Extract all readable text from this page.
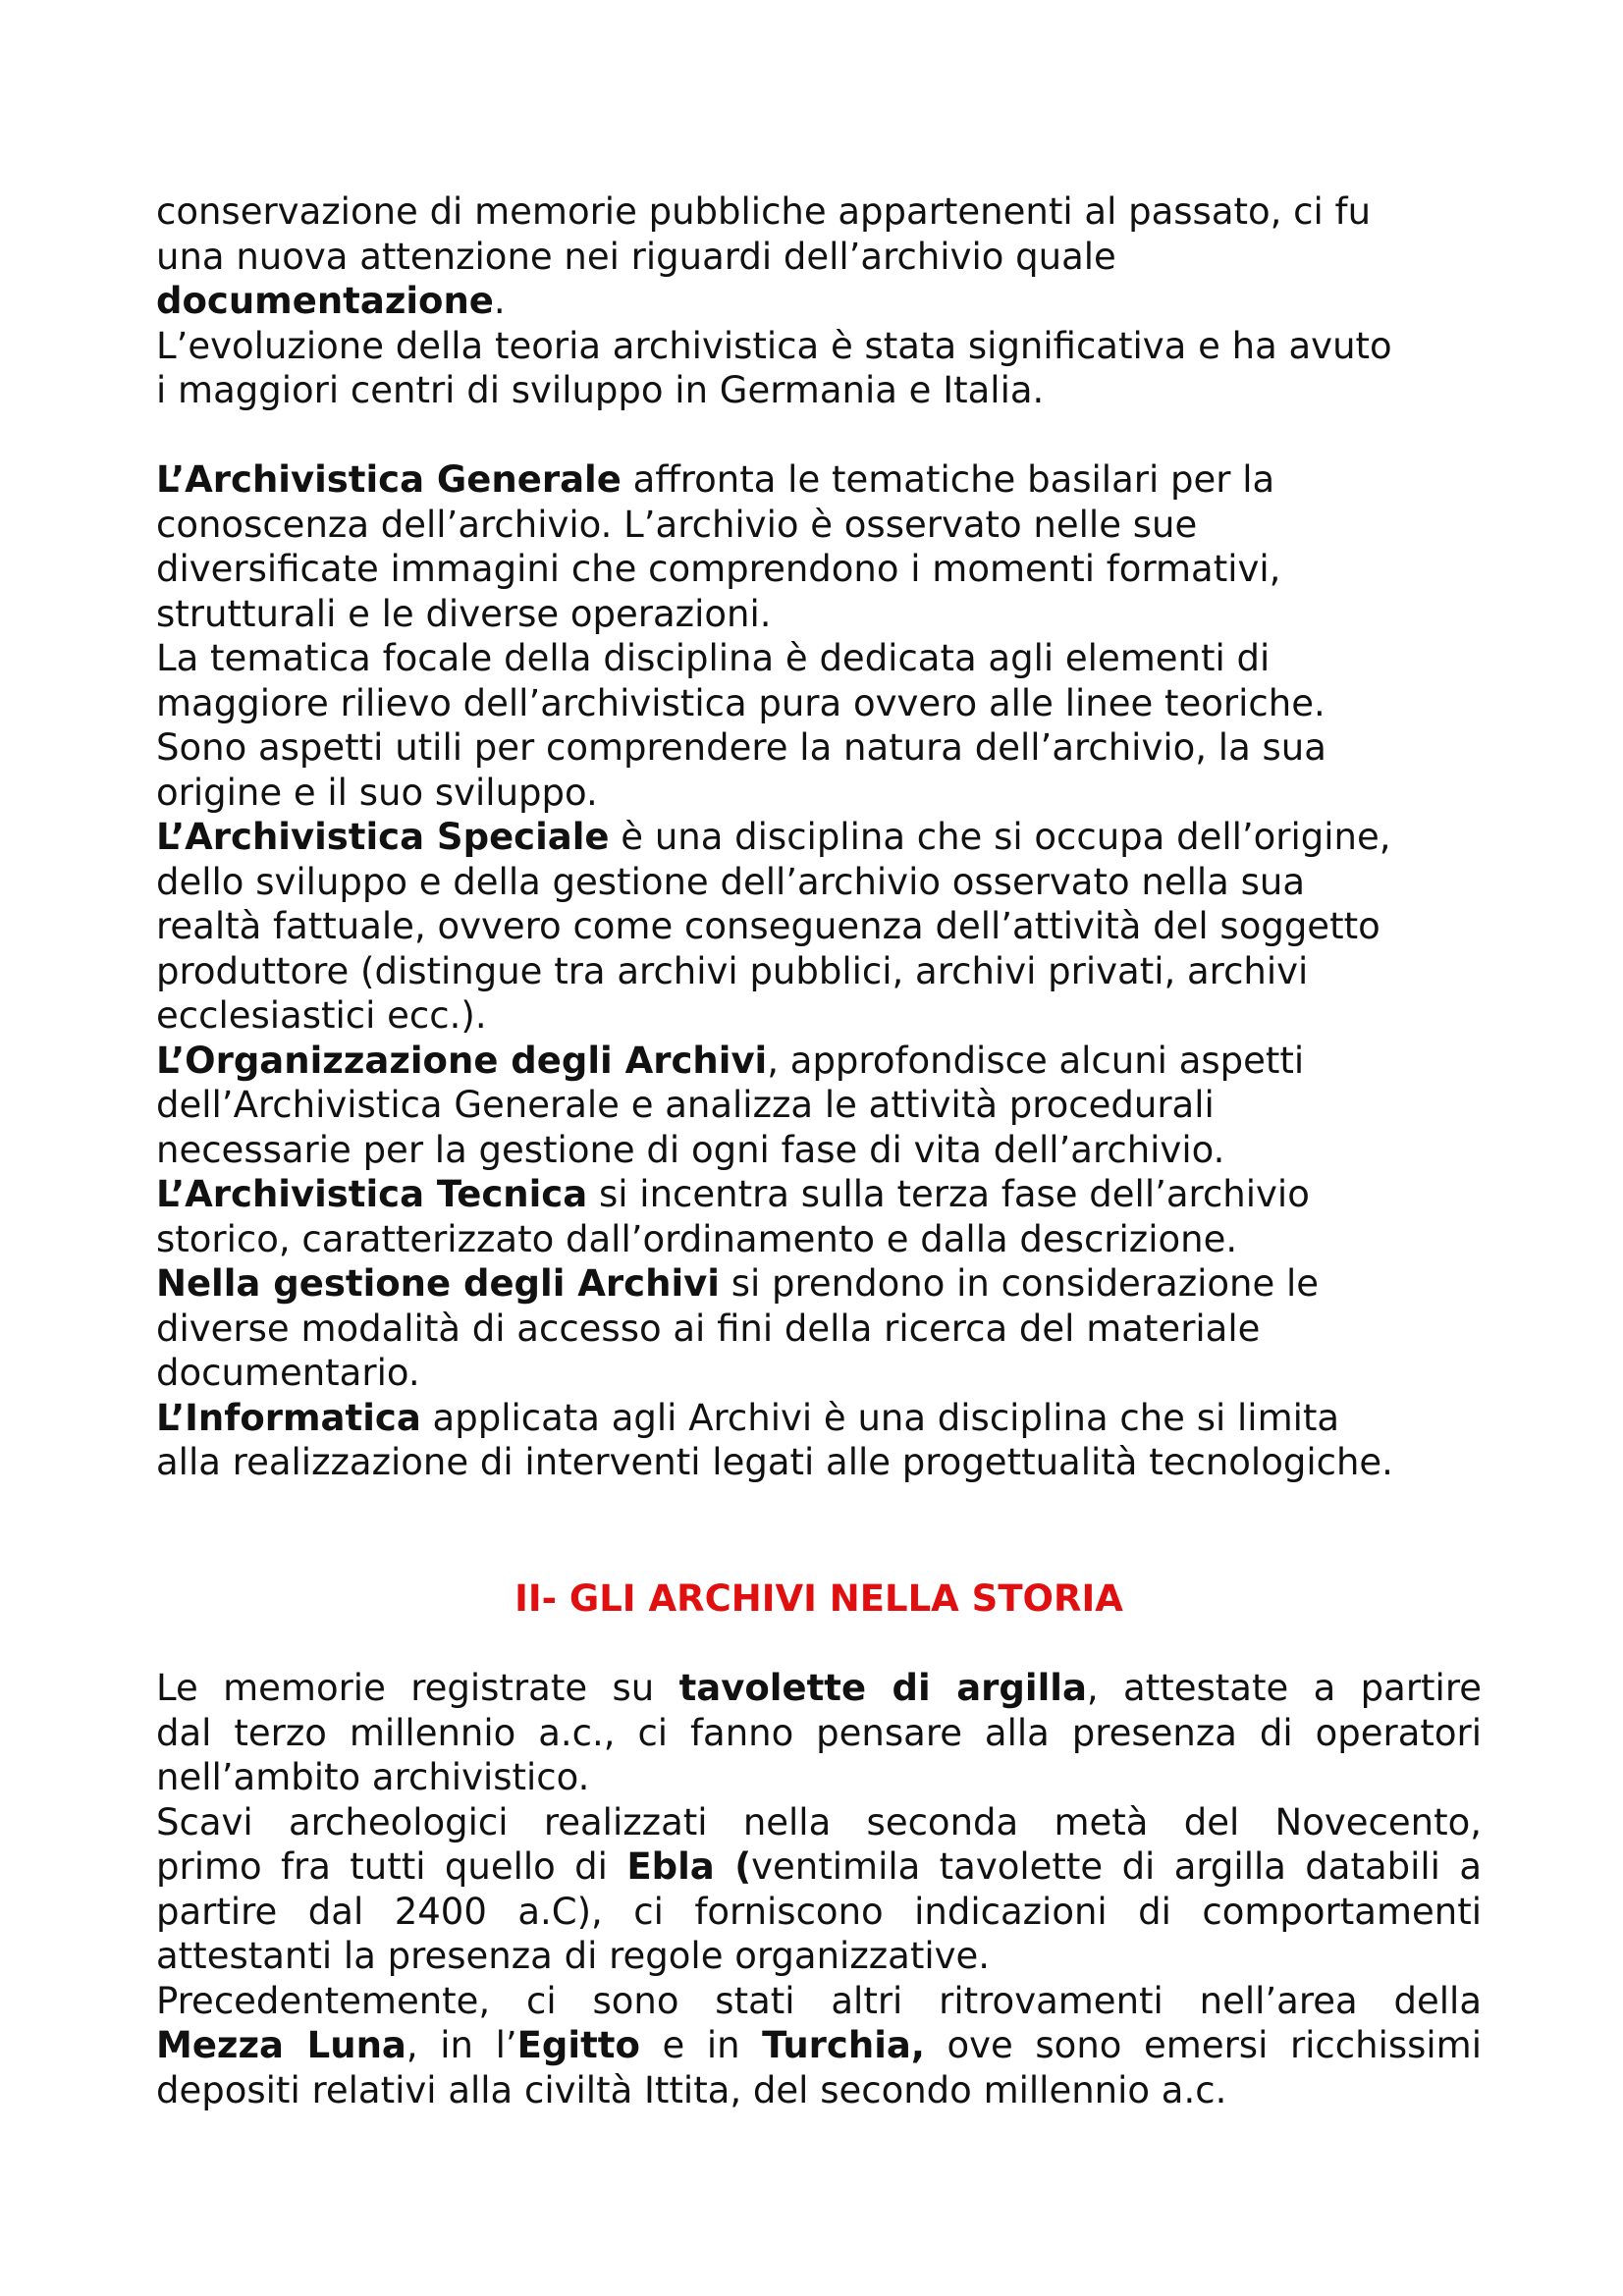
conservazione di memorie pubbliche appartenenti al passato, ci fu
una nuova attenzione nei riguardi dell’archivio quale
documentazione.
L’evoluzione della teoria archivistica è stata significativa e ha avuto
i maggiori centri di sviluppo in Germania e Italia.
L’Archivistica Generale affronta le tematiche basilari per la
conoscenza dell’archivio. L’archivio è osservato nelle sue
diversificate immagini che comprendono i momenti formativi,
strutturali e le diverse operazioni.
La tematica focale della disciplina è dedicata agli elementi di
maggiore rilievo dell’archivistica pura ovvero alle linee teoriche.
Sono aspetti utili per comprendere la natura dell’archivio, la sua
origine e il suo sviluppo.
L’Archivistica Speciale è una disciplina che si occupa dell’origine,
dello sviluppo e della gestione dell’archivio osservato nella sua
realtà fattuale, ovvero come conseguenza dell’attività del soggetto
produttore (distingue tra archivi pubblici, archivi privati, archivi
ecclesiastici ecc.).
L’Organizzazione degli Archivi, approfondisce alcuni aspetti
dell’Archivistica Generale e analizza le attività procedurali
necessarie per la gestione di ogni fase di vita dell’archivio.
L’Archivistica Tecnica si incentra sulla terza fase dell’archivio
storico, caratterizzato dall’ordinamento e dalla descrizione.
Nella gestione degli Archivi si prendono in considerazione le
diverse modalità di accesso ai fini della ricerca del materiale
documentario.
L’Informatica applicata agli Archivi è una disciplina che si limita
alla realizzazione di interventi legati alle progettualità tecnologiche.
II- GLI ARCHIVI NELLA STORIA
Le memorie registrate su tavolette di argilla, attestate a partire
dal terzo millennio a.c., ci fanno pensare alla presenza di operatori
nell’ambito archivistico.
Scavi archeologici realizzati nella seconda metà del Novecento,
primo fra tutti quello di Ebla (ventimila tavolette di argilla databili a
partire dal 2400 a.C), ci forniscono indicazioni di comportamenti
attestanti la presenza di regole organizzative.
Precedentemente, ci sono stati altri ritrovamenti nell’area della
Mezza Luna, in l’Egitto e in Turchia, ove sono emersi ricchissimi
depositi relativi alla civiltà Ittita, del secondo millennio a.c.
